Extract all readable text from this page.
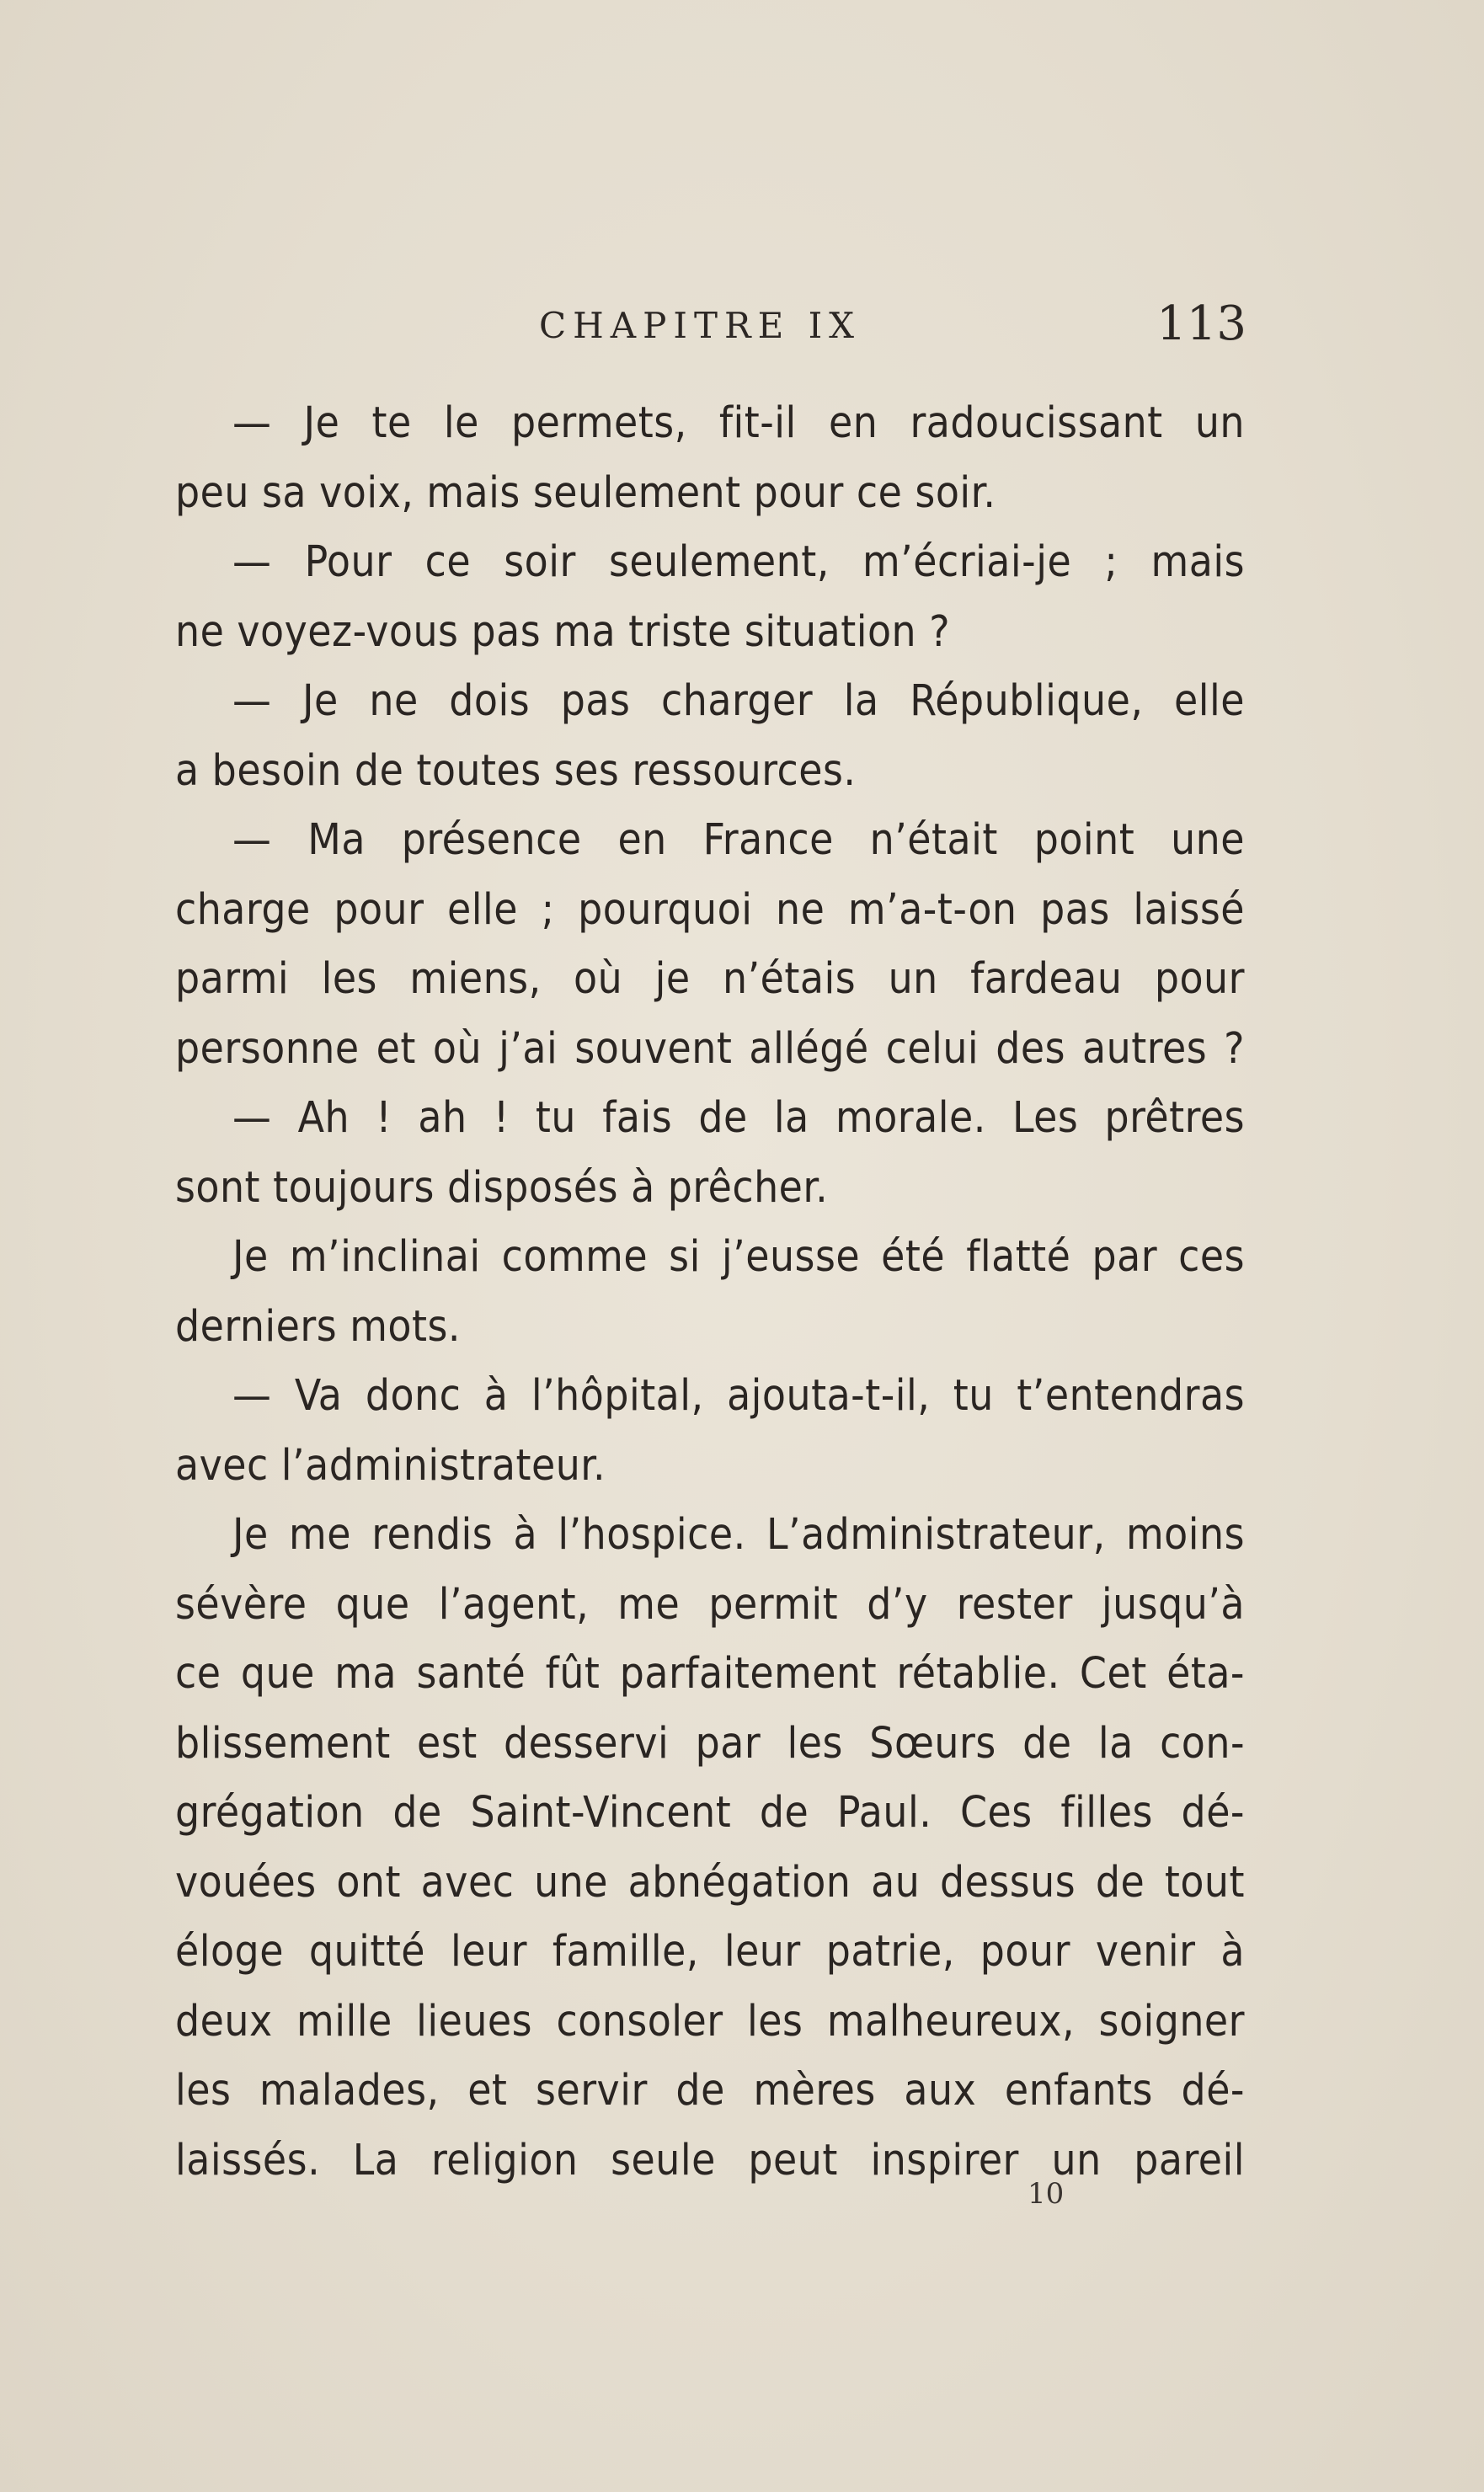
CHAPITRE IX	113
— Je te le permets, fit-il en radoucissant un
peu sa voix, mais seulement pour ce soir.
— Pour ce soir seulement, m’écriai-je ; mais
ne voyez-vous pas ma triste situation ?
— Je ne dois pas charger la République, elle
a besoin de toutes ses ressources.
— Ma présence en France n’était point une
charge pour elle ; pourquoi ne m’a-t-on pas laissé
parmi les miens, où je n’étais un fardeau pour
personne et où j’ai souvent allégé celui des autres ?
— Ah ! ah ! tu fais de la morale. Les prêtres
sont toujours disposés à prêcher.
Je m’inclinai comme si j’eusse été flatté par ces
derniers mots.
— Va donc à l’hôpital, ajouta-t-il, tu t’entendras
avec l’administrateur.
Je me rendis à l’hospice. L’administrateur, moins
sévère que l’agent, me permit d’y rester jusqu’à
ce que ma santé fût parfaitement rétablie. Cet éta-
blissement est desservi par les Sœurs de la con-
grégation de Saint-Vincent de Paul. Ces filles dé-
vouées ont avec une abnégation au dessus de tout
éloge quitté leur famille, leur patrie, pour venir à
deux mille lieues consoler les malheureux, soigner
les malades, et servir de mères aux enfants dé-
laissés. La religion seule peut inspirer un pareil
10
